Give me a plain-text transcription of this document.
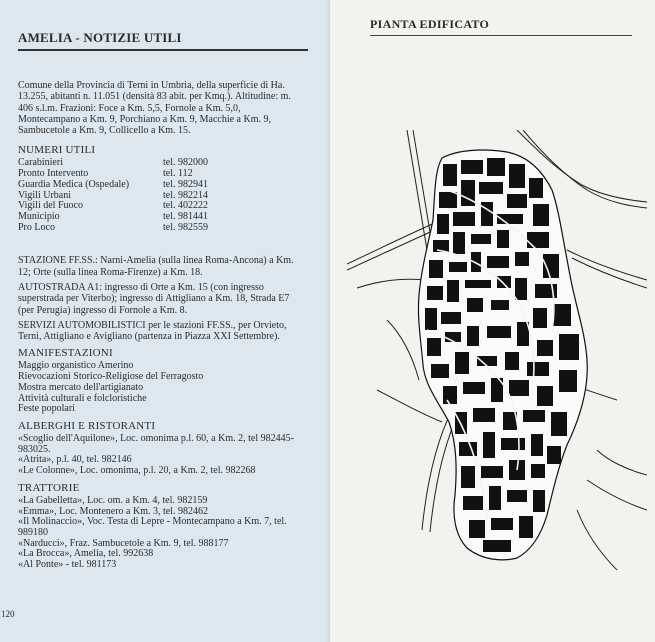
AMELIA - NOTIZIE UTILI

Comune della Provincia di Terni in Umbria, della superficie di Ha. 13.255, abitanti n. 11.051 (densità 83 abit. per Kmq.). Altitudine: m. 406 s.l.m. Frazioni: Foce a Km. 5,5, Fornole a Km. 5,0, Montecampano a Km. 9, Porchiano a Km. 9, Macchie a Km. 9, Sambucetole a Km. 9, Collicello a Km. 15.

NUMERI UTILI
Carabinieri	tel. 982000
Pronto Intervento	tel. 112
Guardia Medica (Ospedale)	tel. 982941
Vigili Urbani	tel. 982214
Vigili del Fuoco	tel. 402222
Municipio	tel. 981441
Pro Loco	tel. 982559

STAZIONE FF.SS.: Narni-Amelia (sulla linea Roma-Ancona) a Km. 12; Orte (sulla linea Roma-Firenze) a Km. 18.

AUTOSTRADA A1: ingresso di Orte a Km. 15 (con ingresso superstrada per Viterbo); ingresso di Attigliano a Km. 18, Strada E7 (per Perugia) ingresso di Fornole a Km. 8.

SERVIZI AUTOMOBILISTICI per le stazioni FF.SS., per Orvieto, Terni, Attigliano e Avigliano (partenza in Piazza XXI Settembre).

MANIFESTAZIONI
Maggio organistico Amerino
Rievocazioni Storico-Religiose del Ferragosto
Mostra mercato dell'artigianato
Attività culturali e folcloristiche
Feste popolari
ALBERGHI E RISTORANTI
«Scoglio dell'Aquilone», Loc. omonima p.l. 60, a Km. 2, tel 982445-983025.
«Atrita», p.l. 40, tel. 982146
«Le Colonne», Loc. omonima, p.l. 20, a Km. 2, tel. 982268
TRATTORIE
«La Gabelletta», Loc. om. a Km. 4, tel. 982159
«Emma», Loc. Montenero a Km. 3, tel. 982462
«Il Molinaccio», Voc. Testa di Lepre - Montecampano a Km. 7, tel. 989180
«Narducci», Fraz. Sambucetole a Km. 9, tel. 988177
«La Brocca», Amelia, tel. 992638
«Al Ponte» - tel. 981173
120
PIANTA EDIFICATO
